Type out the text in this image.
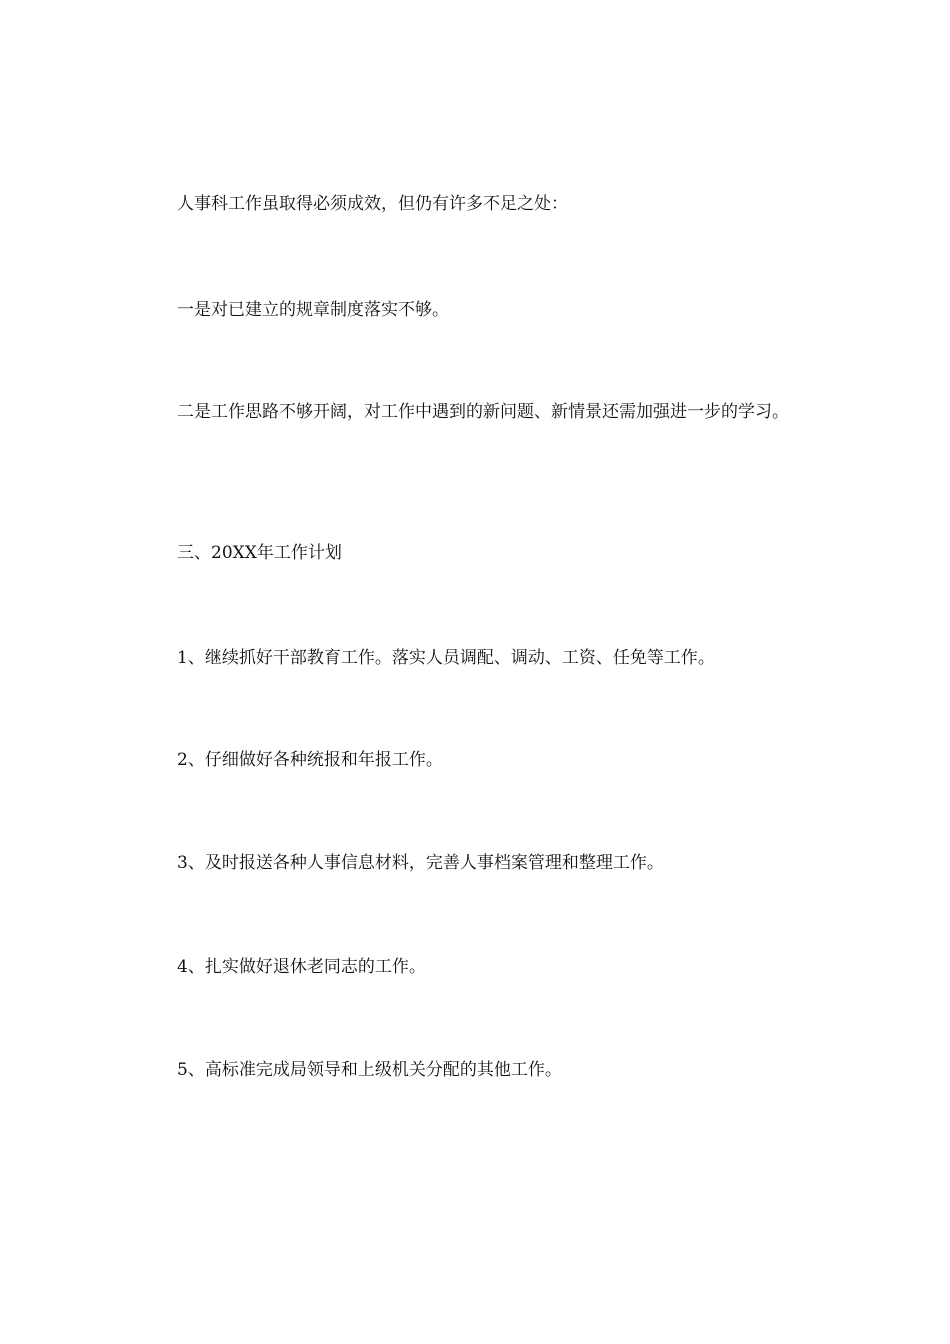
人事科工作虽取得必须成效，但仍有许多不足之处：

一是对已建立的规章制度落实不够。

二是工作思路不够开阔，对工作中遇到的新问题、新情景还需加强进一步的学习。

三、20XX年工作计划

1、继续抓好干部教育工作。落实人员调配、调动、工资、任免等工作。

2、仔细做好各种统报和年报工作。

3、及时报送各种人事信息材料，完善人事档案管理和整理工作。

4、扎实做好退休老同志的工作。

5、高标准完成局领导和上级机关分配的其他工作。
